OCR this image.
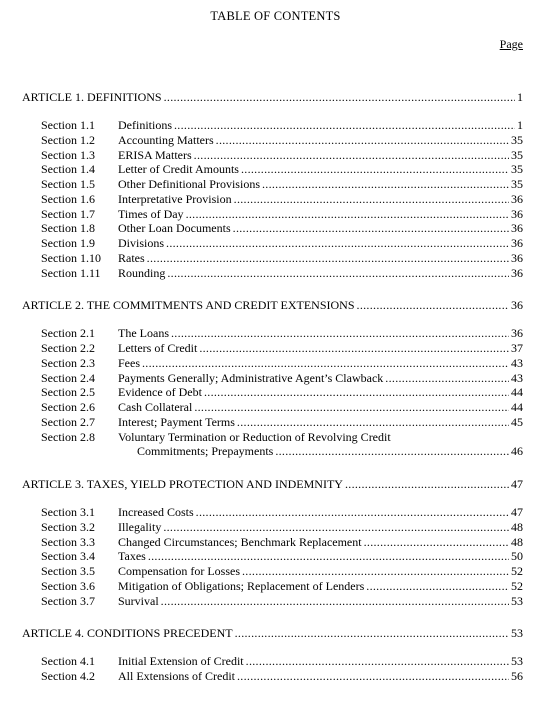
TABLE OF CONTENTS
Page
ARTICLE 1. DEFINITIONS .....	1
Section 1.1	Definitions .....	1
Section 1.2	Accounting Matters .....	35
Section 1.3	ERISA Matters .....	35
Section 1.4	Letter of Credit Amounts .....	35
Section 1.5	Other Definitional Provisions .....	35
Section 1.6	Interpretative Provision .....	36
Section 1.7	Times of Day .....	36
Section 1.8	Other Loan Documents .....	36
Section 1.9	Divisions .....	36
Section 1.10	Rates .....	36
Section 1.11	Rounding .....	36
ARTICLE 2. THE COMMITMENTS AND CREDIT EXTENSIONS .....	36
Section 2.1	The Loans .....	36
Section 2.2	Letters of Credit .....	37
Section 2.3	Fees .....	43
Section 2.4	Payments Generally; Administrative Agent’s Clawback .....	43
Section 2.5	Evidence of Debt .....	44
Section 2.6	Cash Collateral .....	44
Section 2.7	Interest; Payment Terms .....	45
Section 2.8	Voluntary Termination or Reduction of Revolving Credit
Commitments; Prepayments .....	46
ARTICLE 3. TAXES, YIELD PROTECTION AND INDEMNITY .....	47
Section 3.1	Increased Costs .....	47
Section 3.2	Illegality .....	48
Section 3.3	Changed Circumstances; Benchmark Replacement .....	48
Section 3.4	Taxes .....	50
Section 3.5	Compensation for Losses .....	52
Section 3.6	Mitigation of Obligations; Replacement of Lenders .....	52
Section 3.7	Survival .....	53
ARTICLE 4. CONDITIONS PRECEDENT .....	53
Section 4.1	Initial Extension of Credit .....	53
Section 4.2	All Extensions of Credit .....	56
